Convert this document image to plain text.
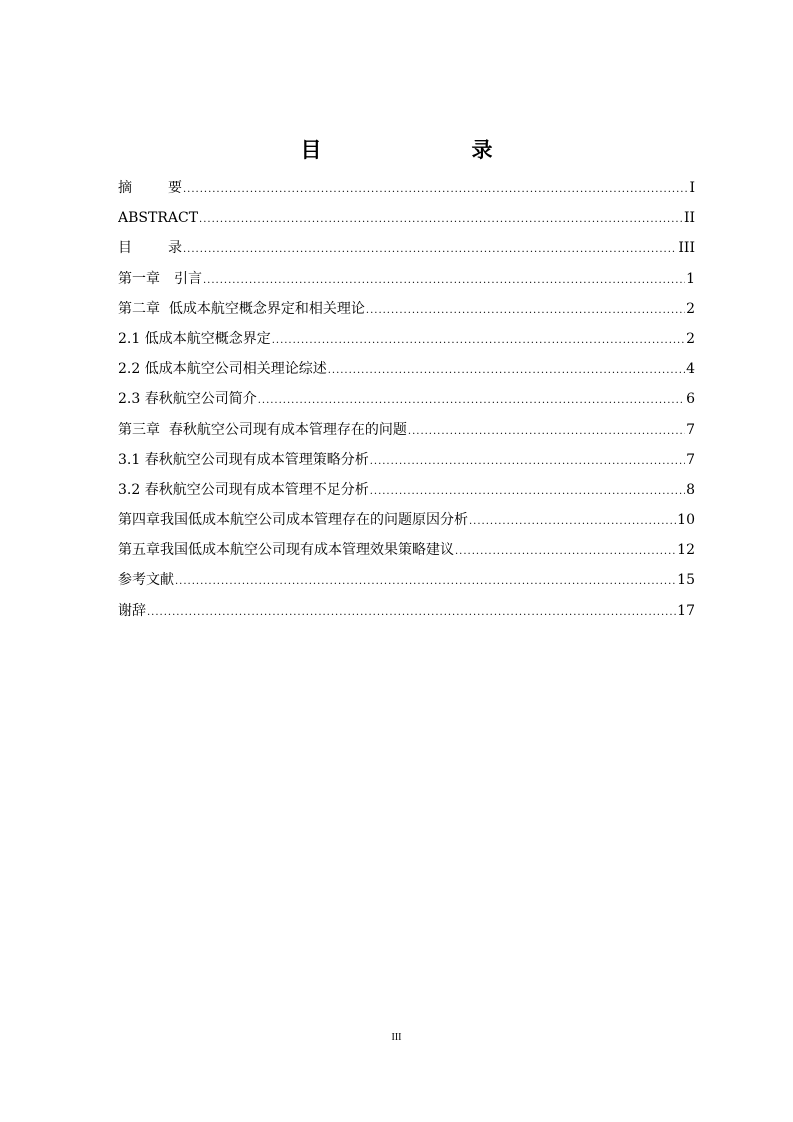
目　　录
摘	要 .....	I
ABSTRACT .....	II
目	录 .....	III
第一章　引言 .....	1
第二章  低成本航空概念界定和相关理论 .....	2
2.1 低成本航空概念界定 .....	2
2.2 低成本航空公司相关理论综述 .....	4
2.3 春秋航空公司简介 .....	6
第三章  春秋航空公司现有成本管理存在的问题 .....	7
3.1 春秋航空公司现有成本管理策略分析 .....	7
3.2 春秋航空公司现有成本管理不足分析 .....	8
第四章我国低成本航空公司成本管理存在的问题原因分析 .....	10
第五章我国低成本航空公司现有成本管理效果策略建议 .....	12
参考文献 .....	15
谢辞 .....	17
III
